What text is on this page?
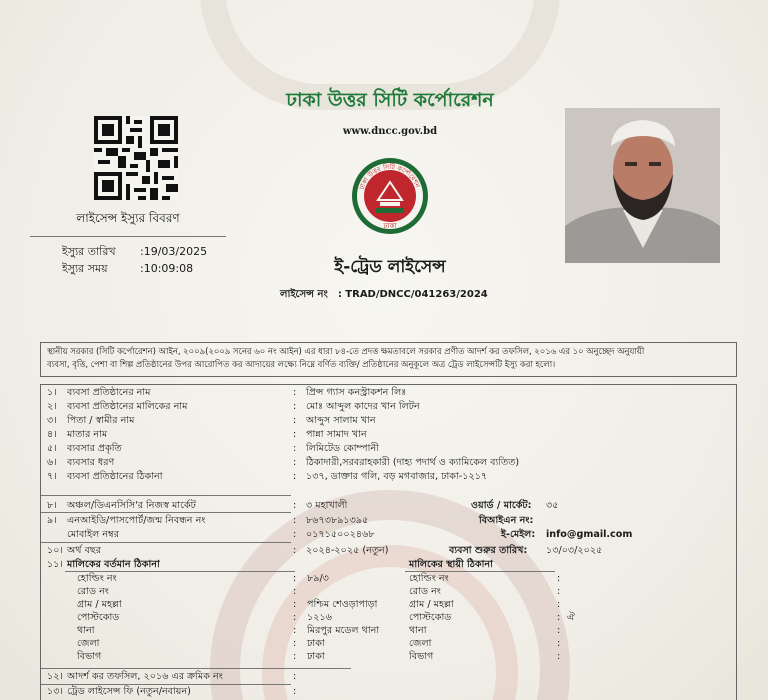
লাইসেন্স ইস্যুর বিবরণ
ইস্যুর তারিখ :19/03/2025
ইস্যুর সময়	:10:09:08
ঢাকা উত্তর সিটি কর্পোরেশন
www.dncc.gov.bd
ঢাকা উত্তর সিটি কর্পোরেশন
ঢাকা
ই-ট্রেড লাইসেন্স
লাইসেন্স নং : TRAD/DNCC/041263/2024
স্থানীয় সরকার (সিটি কর্পোরেশন) আইন, ২০০৯(২০০৯ সনের ৬০ নং আইন) এর ধারা ৮৪-তে প্রদত্ত ক্ষমতাবলে সরকার প্রণীত আদর্শ কর তফসিল, ২০১৬ এর ১০ অনুচ্ছেদ অনুযায়ী
ব্যবসা, বৃত্তি, পেশা বা শিল্প প্রতিষ্ঠানের উপর আরোপিত কর আদায়ের লক্ষ্যে নিম্নে বর্ণিত ব্যক্তি/ প্রতিষ্ঠানের অনুকূলে অত্র ট্রেড লাইসেন্সটি ইস্যু করা হলো।
১। ব্যবসা প্রতিষ্ঠানের নাম	: প্রিন্স গ্যাস কনস্ট্রাকশন লিঃ
২। ব্যবসা প্রতিষ্ঠানের মালিকের নাম	: মোঃ আব্দুল কাদের খান লিটন
৩। পিতা / স্বামীর নাম	: আব্দুস সালাম খান
৪। মাতার নাম	: পান্না সামাদ খান
৫। ব্যবসার প্রকৃতি	: লিমিটেড কোম্পানী
৬। ব্যবসার ধরণ	: ঠিকাদারী,সরবরাহকারী (দাহ্য পদার্থ ও ক্যামিকেল ব্যতিত)
৭। ব্যবসা প্রতিষ্ঠানের ঠিকানা	: ১৩৭, ডাক্তার গলি, বড় মগবাজার, ঢাকা-১২১৭
৮। অঞ্চল/ডিএনসিসি'র নিজস্ব মার্কেট	: ৩ মহাখালী	ওয়ার্ড / মার্কেট: ৩৫
৯। এনআইডি/পাসপোর্ট/জন্ম নিবন্ধন নং	: ৮৬৭৩৮৯১৩৯৫	বিআইএন নং:
মোবাইল নম্বর	: ০১৭১৫০০২৪৬৮	ই-মেইল: info@gmail.com
১০। অর্থ বছর	: ২০২৪-২০২৫ (নতুন)	ব্যবসা শুরুর তারিখ: ১৩/০৩/২০২৫
১১। মালিকের বর্তমান ঠিকানা	মালিকের স্থায়ী ঠিকানা
হোল্ডিং নং	: ৮৯/৩	হোল্ডিং নং	:
রোড নং	:	রোড নং	:
গ্রাম / মহল্লা	: পশ্চিম শেওড়াপাড়া	গ্রাম / মহল্লা	:
পোস্টকোড	: ১২১৬	পোস্টকোড	: ঐ
থানা	: মিরপুর মডেল থানা	থানা	:
জেলা	: ঢাকা	জেলা	:
বিভাগ	: ঢাকা	বিভাগ	:
১২। আদর্শ কর তফসিল, ২০১৬ এর ক্রমিক নং	:
১৩। ট্রেড লাইসেন্স ফি (নতুন/নবায়ন)	:
